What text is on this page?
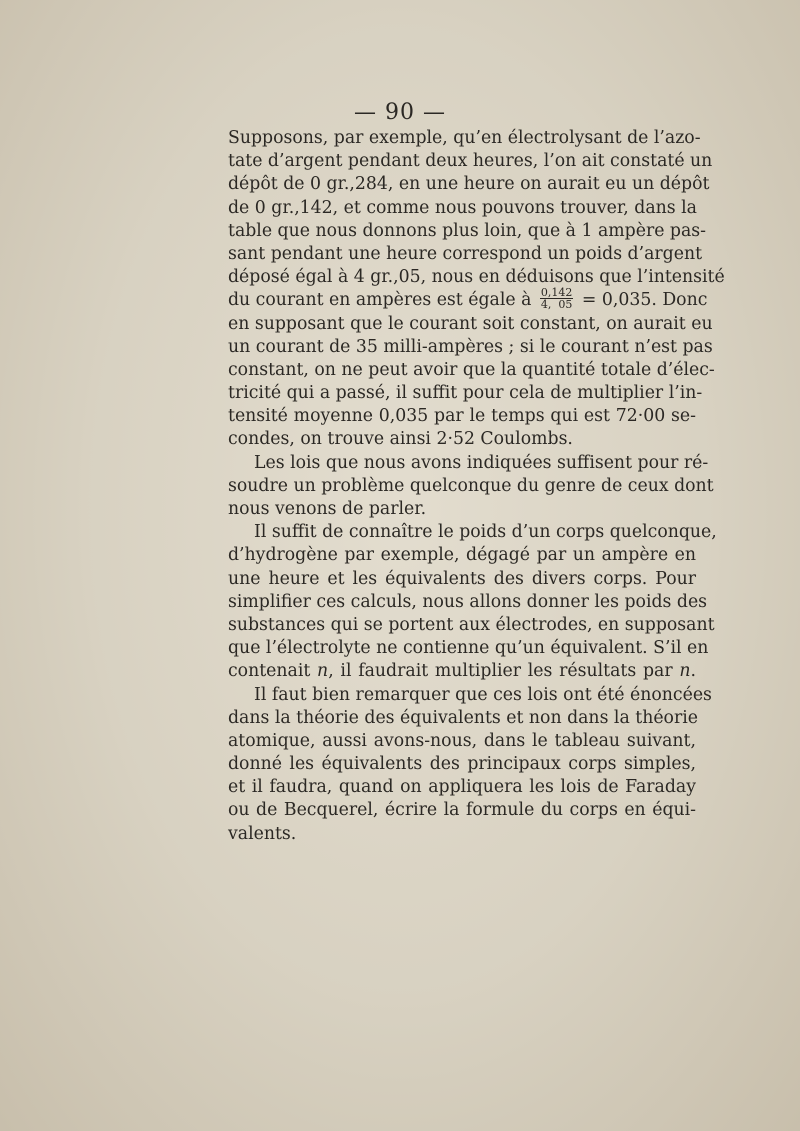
— 90 —
Supposons, par exemple, qu’en électrolysant de l’azo-
tate d’argent pendant deux heures, l’on ait constaté un
dépôt de 0 gr.,284, en une heure on aurait eu un dépôt
de 0 gr.,142, et comme nous pouvons trouver, dans la
table que nous donnons plus loin, que à 1 ampère pas-
sant pendant une heure correspond un poids d’argent
déposé égal à 4 gr.,05, nous en déduisons que l’intensité
du courant en ampères est égale à $\frac{0,142}{4, 05} = 0,035$. Donc
en supposant que le courant soit constant, on aurait eu
un courant de 35 milli-ampères ; si le courant n’est pas
constant, on ne peut avoir que la quantité totale d’élec-
tricité qui a passé, il suffit pour cela de multiplier l’in-
tensité moyenne 0,035 par le temps qui est 72·00 se-
condes, on trouve ainsi 2·52 Coulombs.
Les lois que nous avons indiquées suffisent pour ré-
soudre un problème quelconque du genre de ceux dont
nous venons de parler.
Il suffit de connaître le poids d’un corps quelconque,
d’hydrogène par exemple, dégagé par un ampère en
une heure et les équivalents des divers corps. Pour
simplifier ces calculs, nous allons donner les poids des
substances qui se portent aux électrodes, en supposant
que l’électrolyte ne contienne qu’un équivalent. S’il en
contenait n, il faudrait multiplier les résultats par n.
Il faut bien remarquer que ces lois ont été énoncées
dans la théorie des équivalents et non dans la théorie
atomique, aussi avons-nous, dans le tableau suivant,
donné les équivalents des principaux corps simples,
et il faudra, quand on appliquera les lois de Faraday
ou de Becquerel, écrire la formule du corps en équi-
valents.
